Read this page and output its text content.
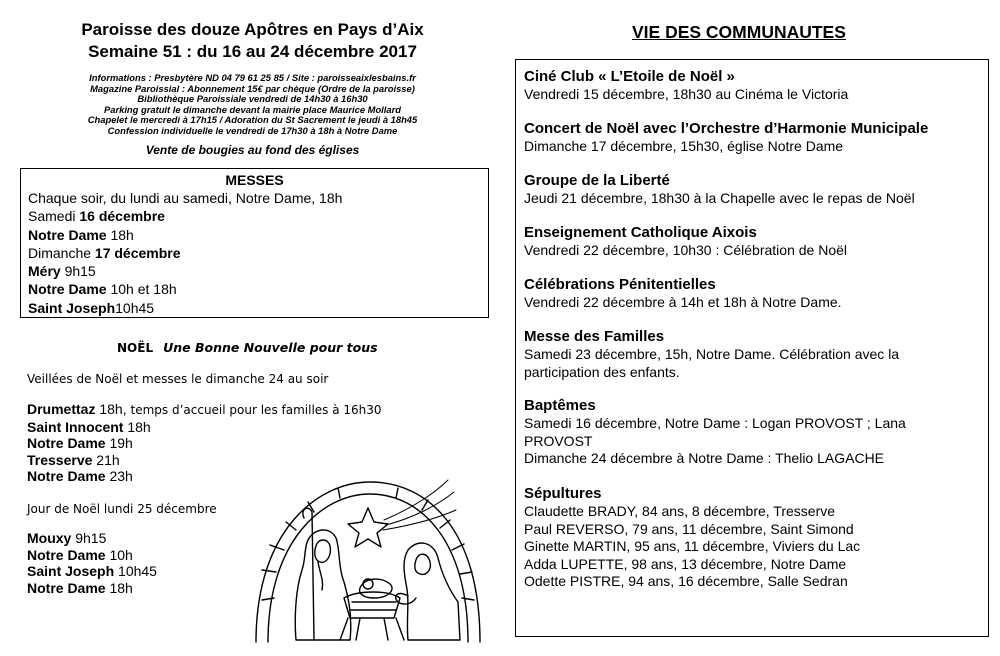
Paroisse des douze Apôtres en Pays d’Aix
Semaine 51 : du 16 au 24 décembre 2017
Informations : Presbytère ND 04 79 61 25 85 / Site : paroisseaixlesbains.fr
Magazine Paroissial : Abonnement 15€ par chèque (Ordre de la paroisse)
Bibliothèque Paroissiale vendredi de 14h30 à 16h30
Parking gratuit le dimanche devant la mairie place Maurice Mollard
Chapelet le mercredi à 17h15 / Adoration du St Sacrement le jeudi à 18h45
Confession individuelle le vendredi de 17h30 à 18h à Notre Dame
Vente de bougies au fond des églises
MESSES
Chaque soir, du lundi au samedi, Notre Dame, 18h
Samedi 16 décembre
Notre Dame 18h
Dimanche 17 décembre
Méry 9h15
Notre Dame 10h et 18h
Saint Joseph10h45
NOËL Une Bonne Nouvelle pour tous
Veillées de Noël et messes le dimanche 24 au soir
Drumettaz 18h, temps d’accueil pour les familles à 16h30
Saint Innocent 18h
Notre Dame 19h
Tresserve 21h
Notre Dame 23h
Jour de Noël lundi 25 décembre
Mouxy 9h15
Notre Dame 10h
Saint Joseph 10h45
Notre Dame 18h
VIE DES COMMUNAUTES
Ciné Club « L’Etoile de Noël »
Vendredi 15 décembre, 18h30 au Cinéma le Victoria
Concert de Noël avec l’Orchestre d’Harmonie Municipale
Dimanche 17 décembre, 15h30, église Notre Dame
Groupe de la Liberté
Jeudi 21 décembre, 18h30 à la Chapelle avec le repas de Noël
Enseignement Catholique Aixois
Vendredi 22 décembre, 10h30 : Célébration de Noël
Célébrations Pénitentielles
Vendredi 22 décembre à 14h et 18h à Notre Dame.
Messe des Familles
Samedi 23 décembre, 15h, Notre Dame. Célébration avec la participation des enfants.
Baptêmes
Samedi 16 décembre, Notre Dame : Logan PROVOST ; Lana PROVOST
Dimanche 24 décembre à Notre Dame : Thelio LAGACHE
Sépultures
Claudette BRADY, 84 ans, 8 décembre, Tresserve
Paul REVERSO, 79 ans, 11 décembre, Saint Simond
Ginette MARTIN, 95 ans, 11 décembre, Viviers du Lac
Adda LUPETTE, 98 ans, 13 décembre, Notre Dame
Odette PISTRE, 94 ans, 16 décembre, Salle Sedran
